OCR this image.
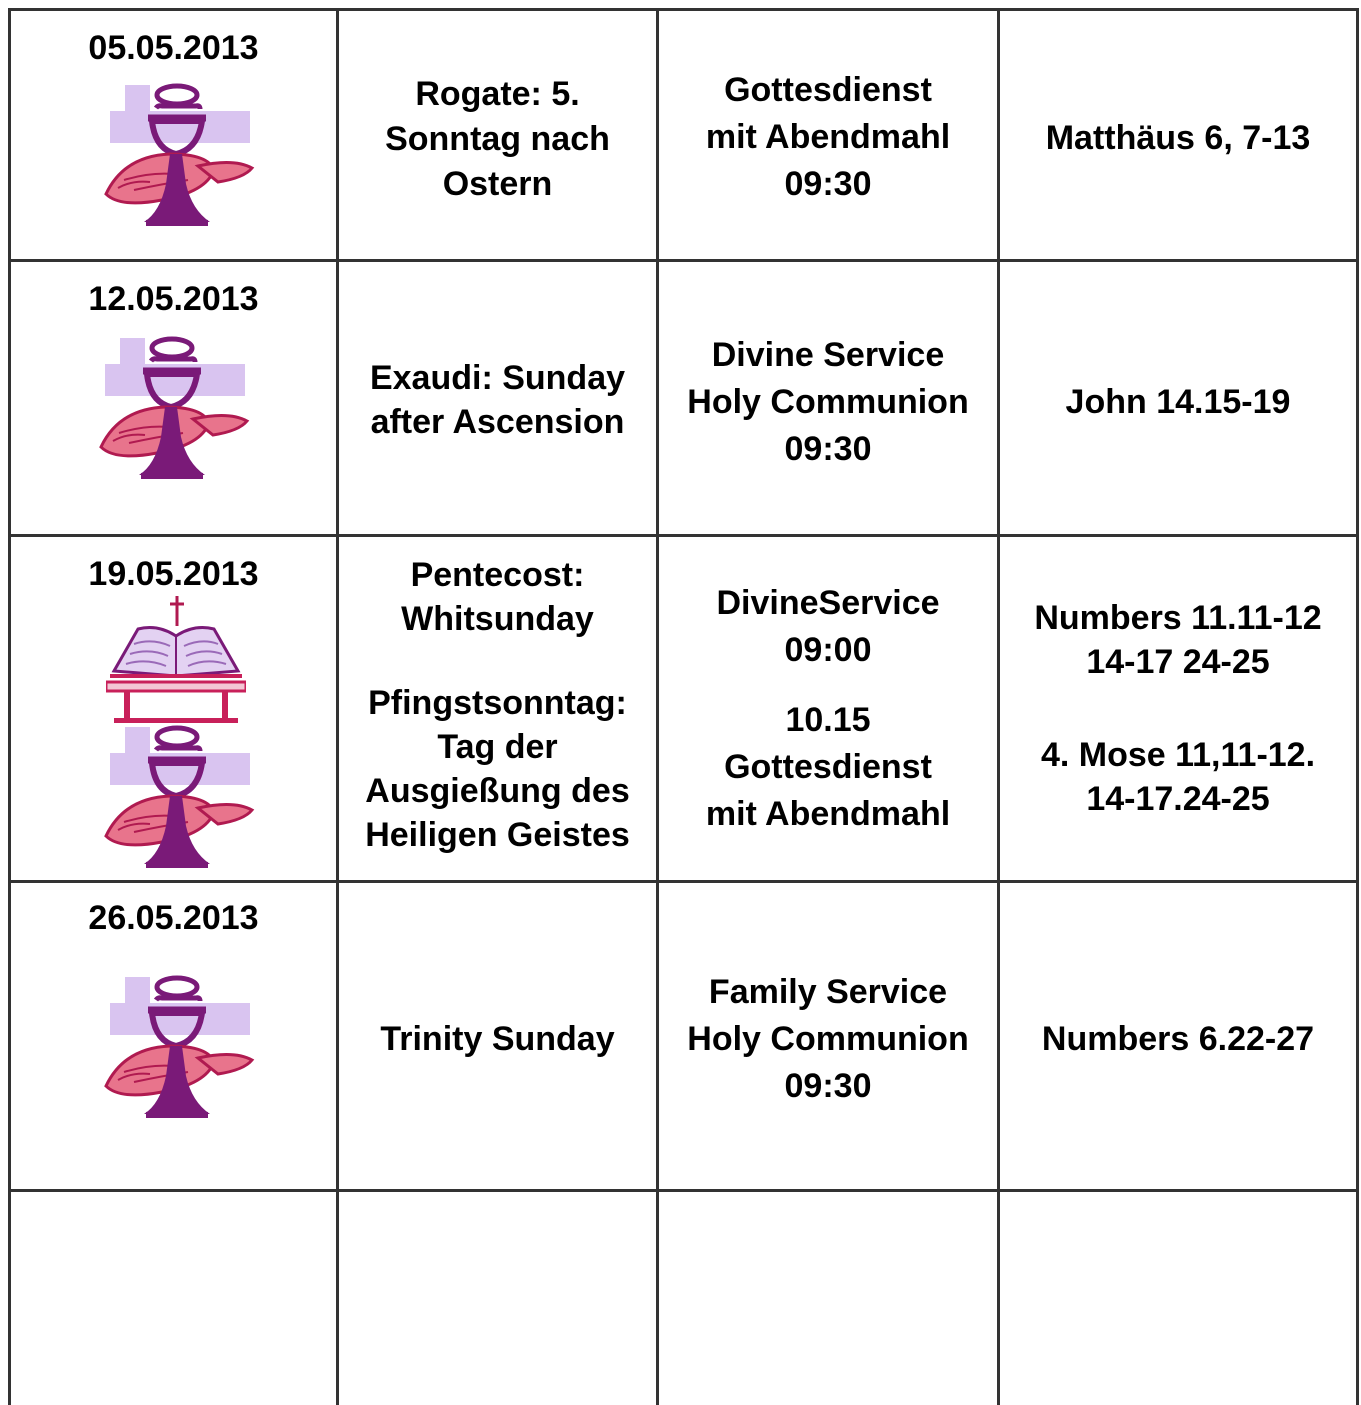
05.05.2013
Rogate: 5.
Sonntag nach
Ostern
Gottesdienst
mit Abendmahl
09:30
Matthäus 6, 7-13
12.05.2013
Exaudi: Sunday
after Ascension
Divine Service
Holy Communion
09:30
John 14.15-19
19.05.2013	Pentecost:
Whitsunday
Pfingstsonntag:
Tag der
Ausgießung des
Heiligen Geistes
DivineService
09:00
10.15
Gottesdienst
mit Abendmahl
Numbers 11.11-12
14-17 24-25
4. Mose 11,11-12.
14-17.24-25
26.05.2013
Trinity Sunday
Family Service
Holy Communion
09:30
Numbers 6.22-27
